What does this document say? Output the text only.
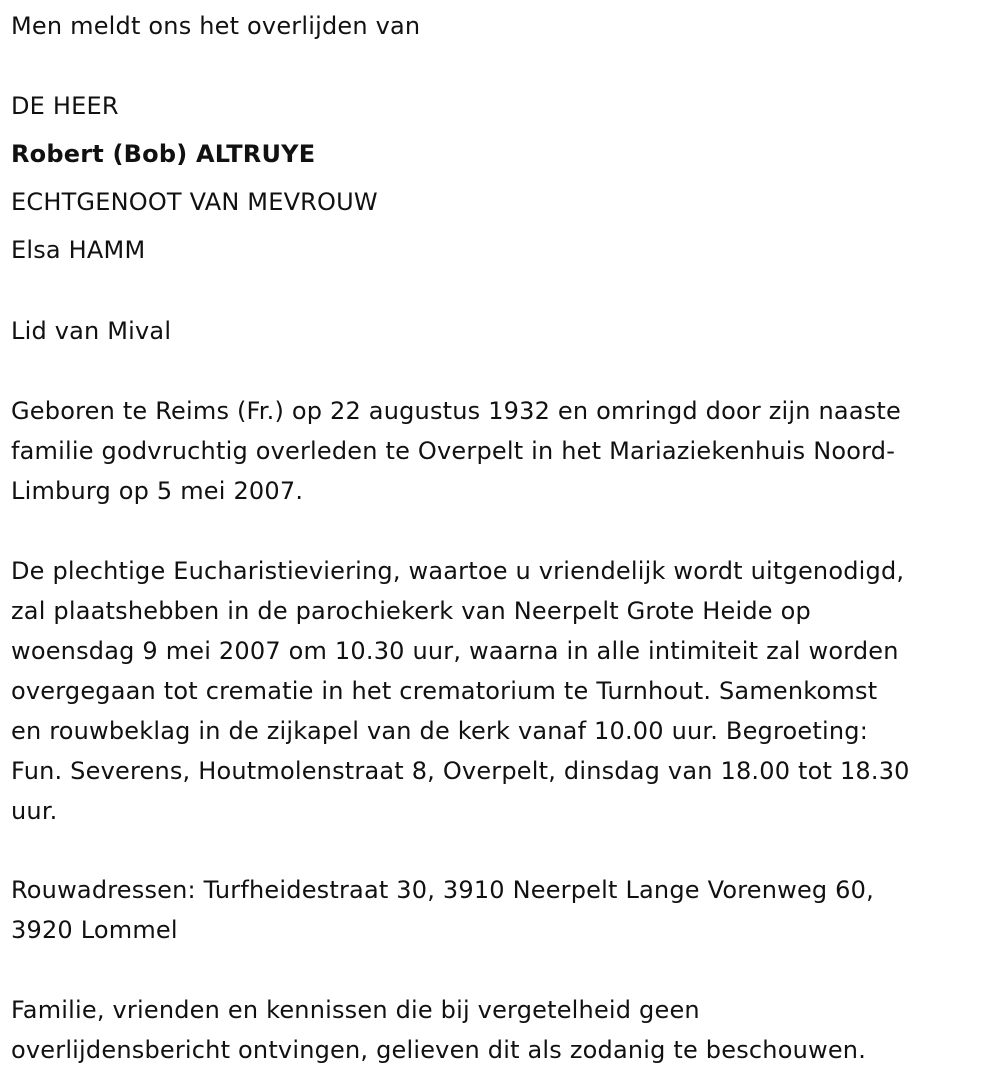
Men meldt ons het overlijden van
DE HEER
Robert (Bob) ALTRUYE
ECHTGENOOT VAN MEVROUW
Elsa HAMM
Lid van Mival
Geboren te Reims (Fr.) op 22 augustus 1932 en omringd door zijn naaste
familie godvruchtig overleden te Overpelt in het Mariaziekenhuis Noord-
Limburg op 5 mei 2007.
De plechtige Eucharistieviering, waartoe u vriendelijk wordt uitgenodigd,
zal plaatshebben in de parochiekerk van Neerpelt Grote Heide op
woensdag 9 mei 2007 om 10.30 uur, waarna in alle intimiteit zal worden
overgegaan tot crematie in het crematorium te Turnhout. Samenkomst
en rouwbeklag in de zijkapel van de kerk vanaf 10.00 uur. Begroeting:
Fun. Severens, Houtmolenstraat 8, Overpelt, dinsdag van 18.00 tot 18.30
uur.
Rouwadressen: Turfheidestraat 30, 3910 Neerpelt Lange Vorenweg 60,
3920 Lommel
Familie, vrienden en kennissen die bij vergetelheid geen
overlijdensbericht ontvingen, gelieven dit als zodanig te beschouwen.
